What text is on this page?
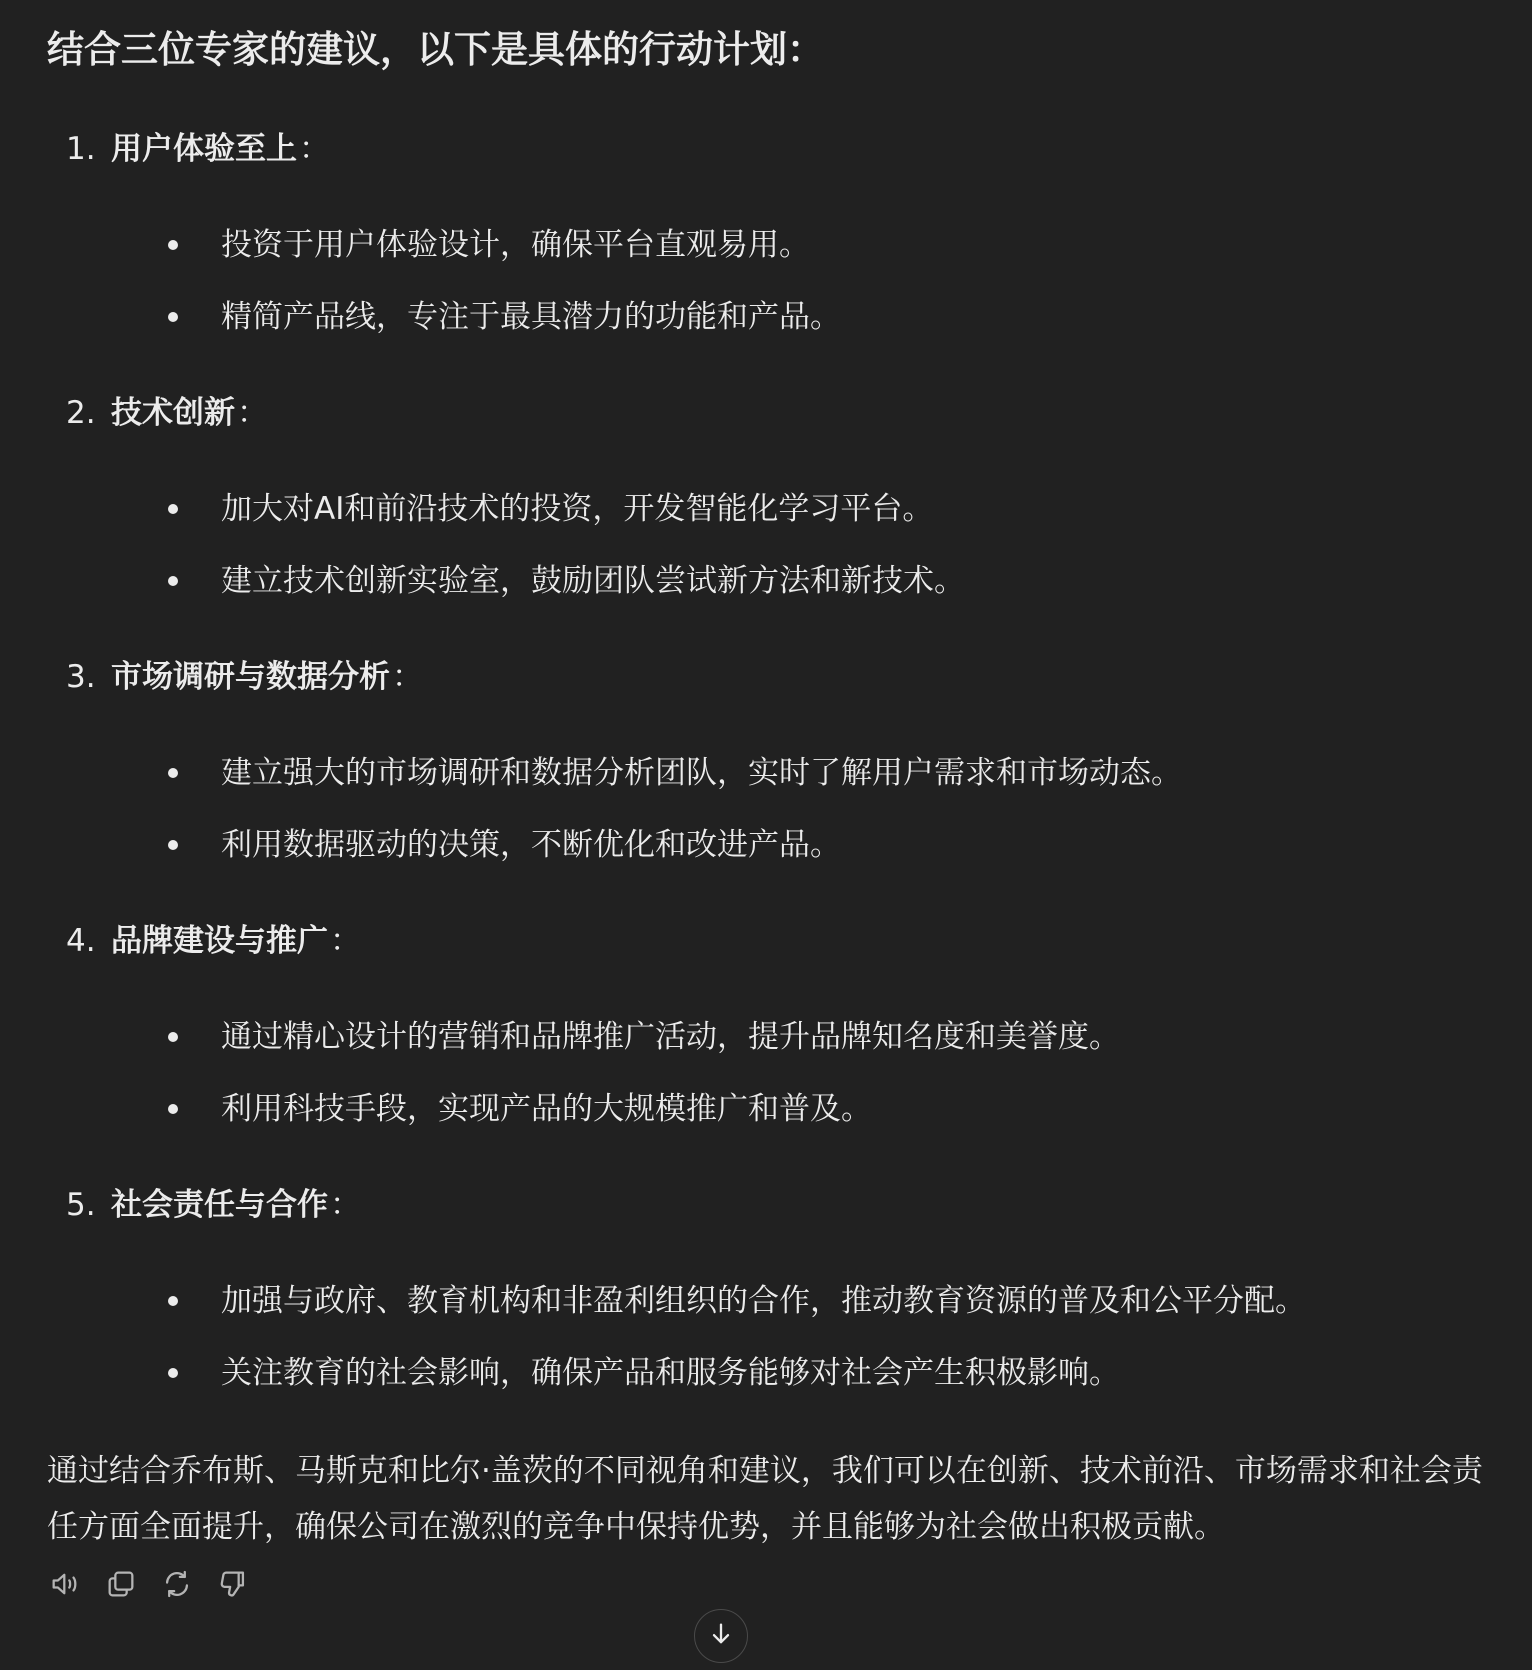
结合三位专家的建议，以下是具体的行动计划：
1. 用户体验至上：
投资于用户体验设计，确保平台直观易用。
精简产品线，专注于最具潜力的功能和产品。
2. 技术创新：
加大对AI和前沿技术的投资，开发智能化学习平台。
建立技术创新实验室，鼓励团队尝试新方法和新技术。
3. 市场调研与数据分析：
建立强大的市场调研和数据分析团队，实时了解用户需求和市场动态。
利用数据驱动的决策，不断优化和改进产品。
4. 品牌建设与推广：
通过精心设计的营销和品牌推广活动，提升品牌知名度和美誉度。
利用科技手段，实现产品的大规模推广和普及。
5. 社会责任与合作：
加强与政府、教育机构和非盈利组织的合作，推动教育资源的普及和公平分配。
关注教育的社会影响，确保产品和服务能够对社会产生积极影响。

通过结合乔布斯、马斯克和比尔·盖茨的不同视角和建议，我们可以在创新、技术前沿、市场需求和社会责任方面全面提升，确保公司在激烈的竞争中保持优势，并且能够为社会做出积极贡献。
